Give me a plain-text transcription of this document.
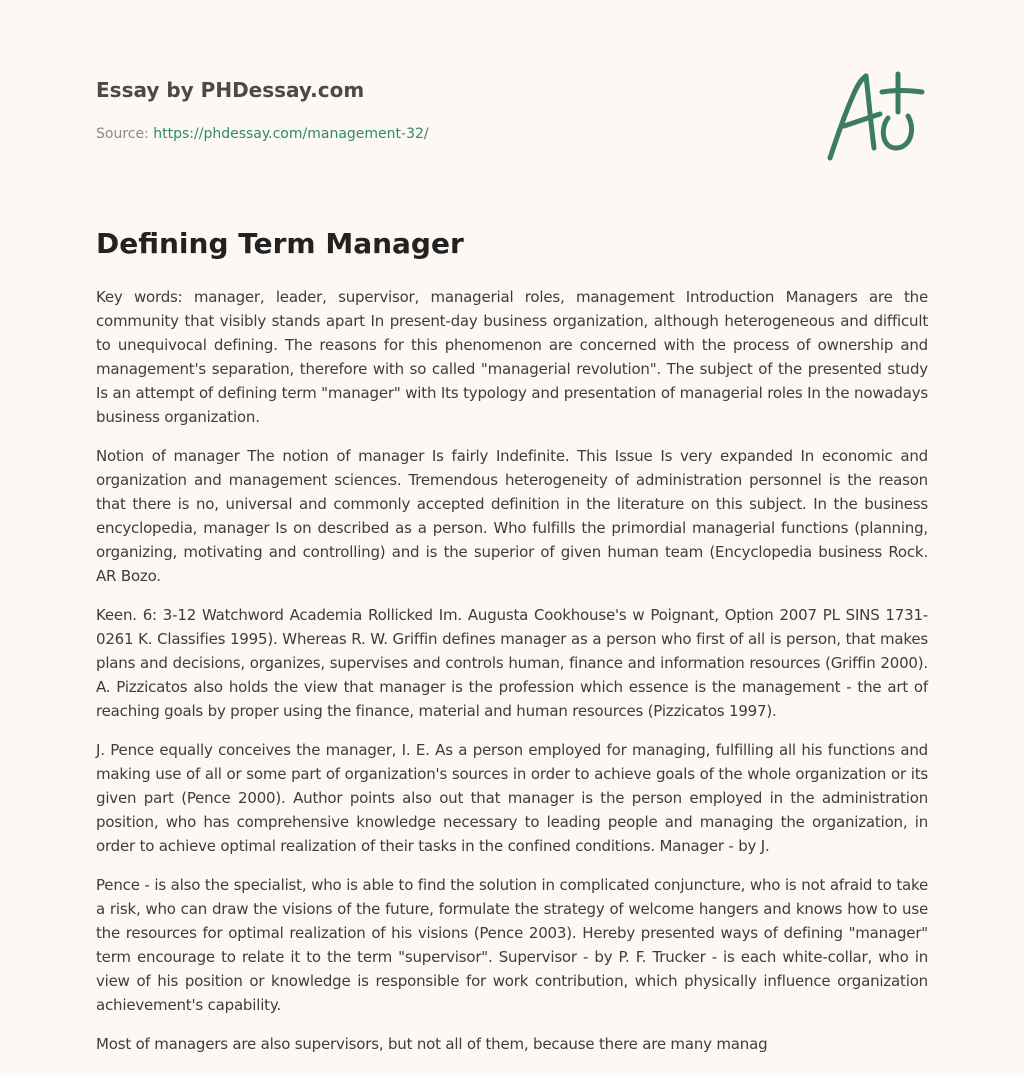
Essay by PHDessay.com
Source: https://phdessay.com/management-32/
Defining Term Manager

Key words: manager, leader, supervisor, managerial roles, management Introduction Managers are the community that visibly stands apart In present-day business organization, although heterogeneous and difficult to unequivocal defining. The reasons for this phenomenon are concerned with the process of ownership and management's separation, therefore with so called "managerial revolution". The subject of the presented study Is an attempt of defining term "manager" with Its typology and presentation of managerial roles In the nowadays business organization.

Notion of manager The notion of manager Is fairly Indefinite. This Issue Is very expanded In economic and organization and management sciences. Tremendous heterogeneity of administration personnel is the reason that there is no, universal and commonly accepted definition in the literature on this subject. In the business encyclopedia, manager Is on described as a person. Who fulfills the primordial managerial functions (planning, organizing, motivating and controlling) and is the superior of given human team (Encyclopedia business Rock. AR Bozo.

Keen. 6: 3-12 Watchword Academia Rollicked Im. Augusta Cookhouse's w Poignant, Option 2007 PL SINS 1731-0261 K. Classifies 1995). Whereas R. W. Griffin defines manager as a person who first of all is person, that makes plans and decisions, organizes, supervises and controls human, finance and information resources (Griffin 2000). A. Pizzicatos also holds the view that manager is the profession which essence is the management - the art of reaching goals by proper using the finance, material and human resources (Pizzicatos 1997).

J. Pence equally conceives the manager, I. E. As a person employed for managing, fulfilling all his functions and making use of all or some part of organization's sources in order to achieve goals of the whole organization or its given part (Pence 2000). Author points also out that manager is the person employed in the administration position, who has comprehensive knowledge necessary to leading people and managing the organization, in order to achieve optimal realization of their tasks in the confined conditions. Manager - by J.

Pence - is also the specialist, who is able to find the solution in complicated conjuncture, who is not afraid to take a risk, who can draw the visions of the future, formulate the strategy of welcome hangers and knows how to use the resources for optimal realization of his visions (Pence 2003). Hereby presented ways of defining "manager" term encourage to relate it to the term "supervisor". Supervisor - by P. F. Trucker - is each white-collar, who in view of his position or knowledge is responsible for work contribution, which physically influence organization achievement's capability.

Most of managers are also supervisors, but not all of them, because there are many manag
